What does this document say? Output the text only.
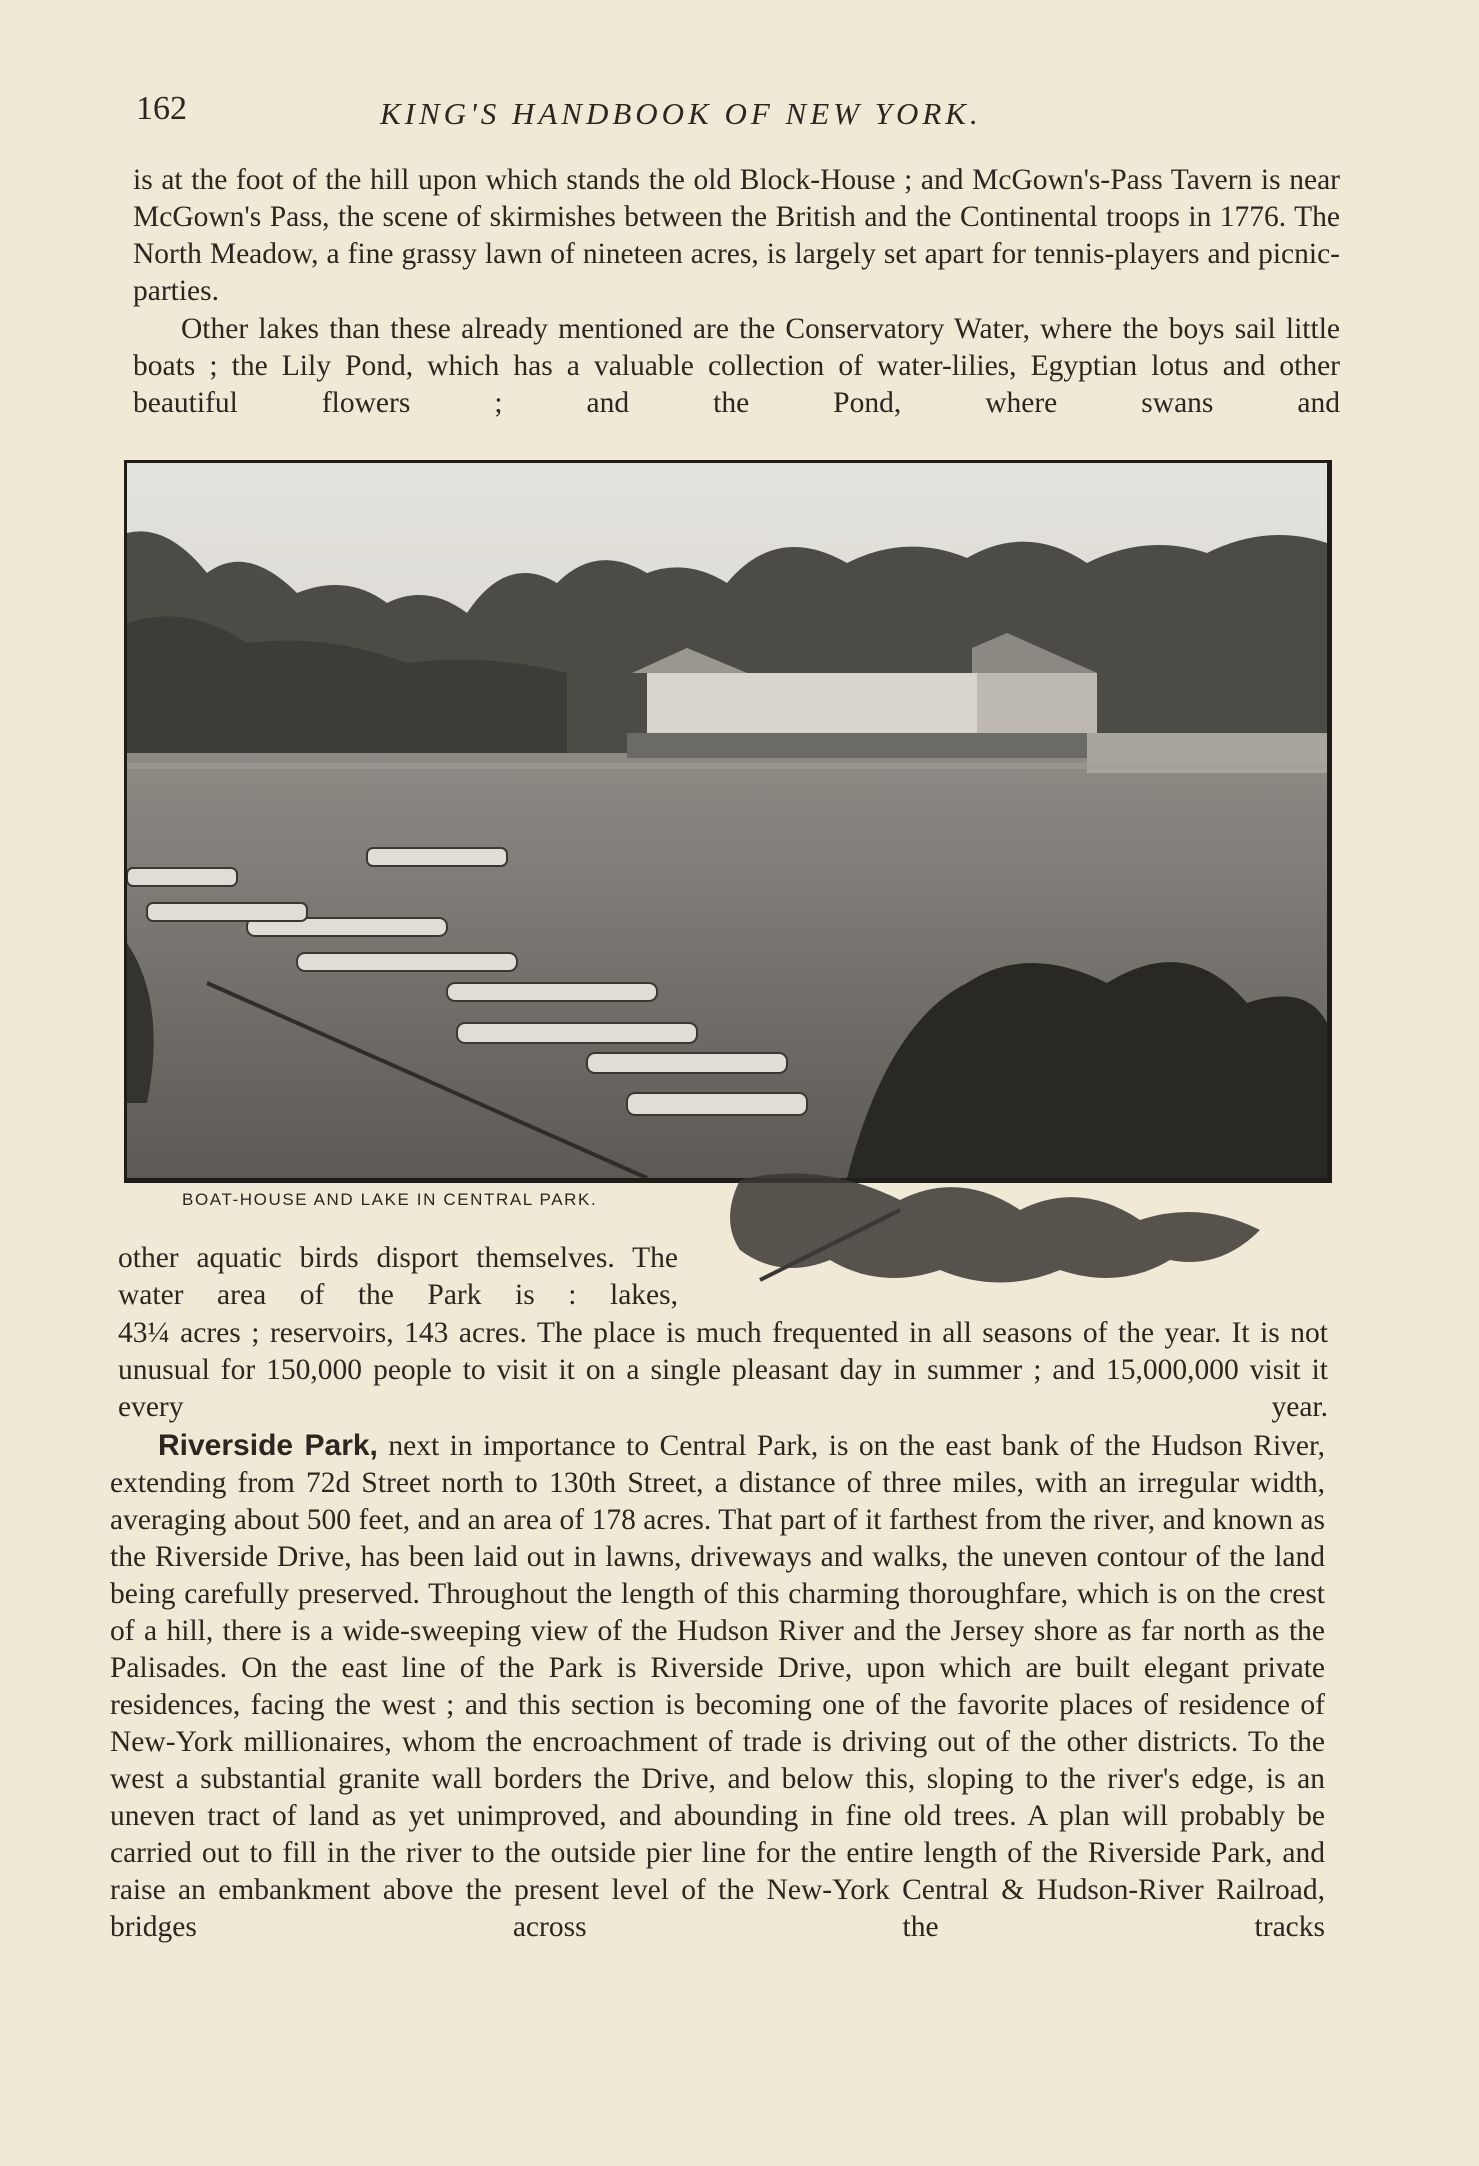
162	KING'S HANDBOOK OF NEW YORK.

is at the foot of the hill upon which stands the old Block-House ; and McGown's-Pass Tavern is near McGown's Pass, the scene of skirmishes between the British and the Continental troops in 1776. The North Meadow, a fine grassy lawn of nineteen acres, is largely set apart for tennis-players and picnic-parties.

Other lakes than these already mentioned are the Conservatory Water, where the boys sail little boats ; the Lily Pond, which has a valuable collection of water-lilies, Egyptian lotus and other beautiful flowers ; and the Pond, where swans and

BOAT-HOUSE AND LAKE IN CENTRAL PARK.

other aquatic birds disport themselves. The water area of the Park is : lakes,

43¼ acres ; reservoirs, 143 acres. The place is much frequented in all seasons of the year. It is not unusual for 150,000 people to visit it on a single pleasant day in summer ; and 15,000,000 visit it every year.

Riverside Park, next in importance to Central Park, is on the east bank of the Hudson River, extending from 72d Street north to 130th Street, a distance of three miles, with an irregular width, averaging about 500 feet, and an area of 178 acres. That part of it farthest from the river, and known as the Riverside Drive, has been laid out in lawns, driveways and walks, the uneven contour of the land being carefully preserved. Throughout the length of this charming thoroughfare, which is on the crest of a hill, there is a wide-sweeping view of the Hudson River and the Jersey shore as far north as the Palisades. On the east line of the Park is Riverside Drive, upon which are built elegant private residences, facing the west ; and this section is becoming one of the favorite places of residence of New-York millionaires, whom the encroachment of trade is driving out of the other districts. To the west a substantial granite wall borders the Drive, and below this, sloping to the river's edge, is an uneven tract of land as yet unimproved, and abounding in fine old trees. A plan will probably be carried out to fill in the river to the outside pier line for the entire length of the Riverside Park, and raise an embankment above the present level of the New-York Central & Hudson-River Railroad, bridges across the tracks
